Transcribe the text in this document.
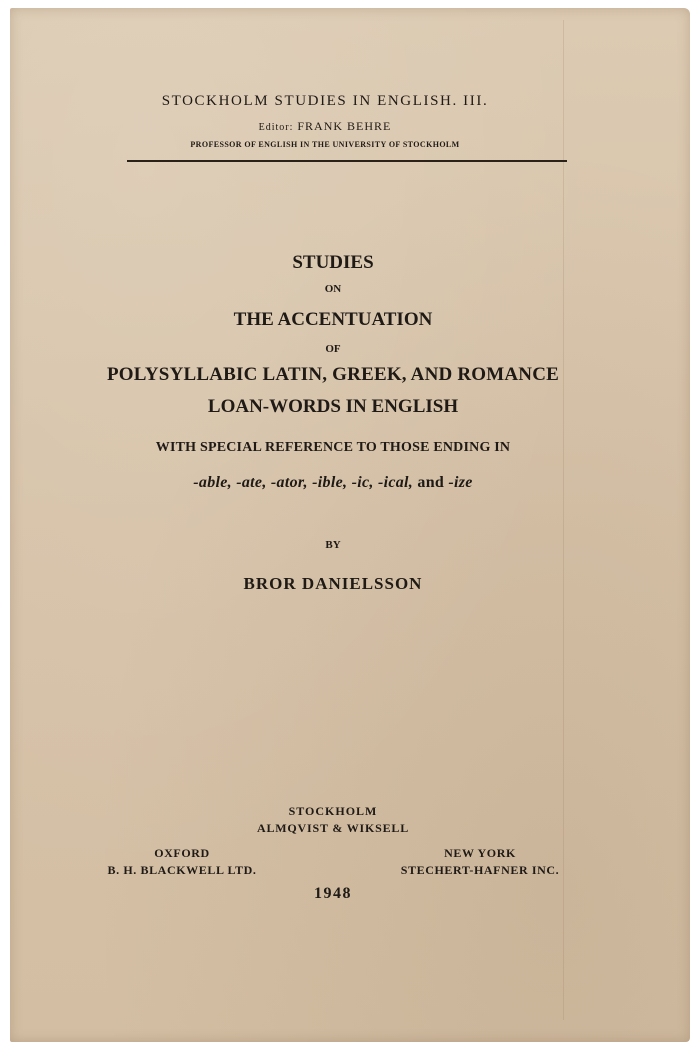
STOCKHOLM STUDIES IN ENGLISH. III.
Editor: FRANK BEHRE
PROFESSOR OF ENGLISH IN THE UNIVERSITY OF STOCKHOLM
STUDIES
ON
THE ACCENTUATION
OF
POLYSYLLABIC LATIN, GREEK, AND ROMANCE
LOAN-WORDS IN ENGLISH
WITH SPECIAL REFERENCE TO THOSE ENDING IN
-able, -ate, -ator, -ible, -ic, -ical, and -ize
BY
BROR DANIELSSON
STOCKHOLM
ALMQVIST & WIKSELL
OXFORD
B. H. BLACKWELL LTD.
NEW YORK
STECHERT-HAFNER INC.
1948
